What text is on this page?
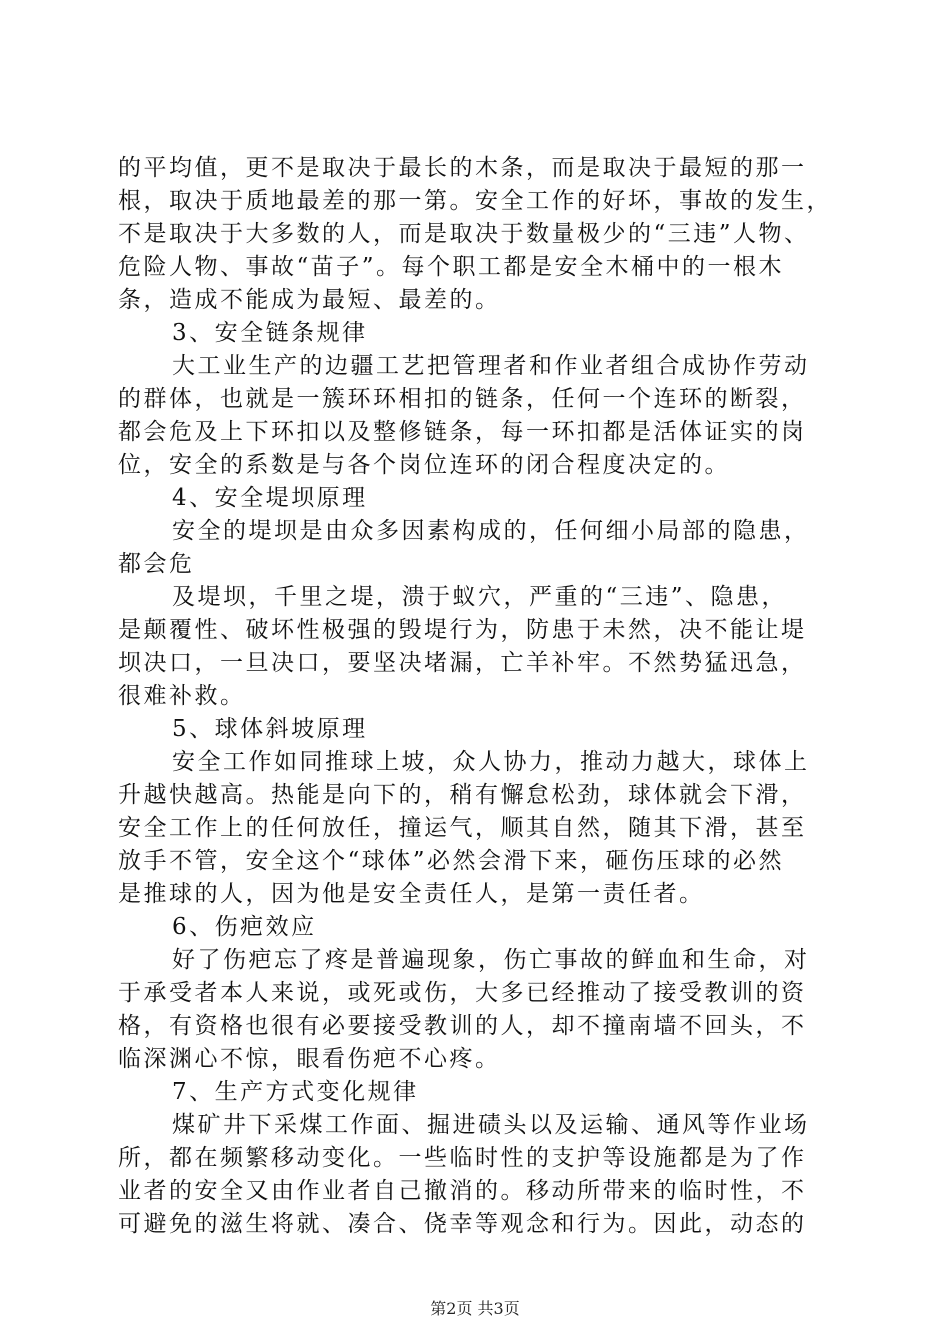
的平均值，更不是取决于最长的木条，而是取决于最短的那一
根，取决于质地最差的那一第。安全工作的好坏，事故的发生，
不是取决于大多数的人，而是取决于数量极少的“三违”人物、
危险人物、事故“苗子”。每个职工都是安全木桶中的一根木
条，造成不能成为最短、最差的。
3、安全链条规律
大工业生产的边疆工艺把管理者和作业者组合成协作劳动
的群体，也就是一簇环环相扣的链条，任何一个连环的断裂，
都会危及上下环扣以及整修链条，每一环扣都是活体证实的岗
位，安全的系数是与各个岗位连环的闭合程度决定的。
4、安全堤坝原理
安全的堤坝是由众多因素构成的，任何细小局部的隐患，
都会危
及堤坝，千里之堤，溃于蚁穴，严重的“三违”、隐患，
是颠覆性、破坏性极强的毁堤行为，防患于未然，决不能让堤
坝决口，一旦决口，要坚决堵漏，亡羊补牢。不然势猛迅急，
很难补救。
5、球体斜坡原理
安全工作如同推球上坡，众人协力，推动力越大，球体上
升越快越高。热能是向下的，稍有懈怠松劲，球体就会下滑，
安全工作上的任何放任，撞运气，顺其自然，随其下滑，甚至
放手不管，安全这个“球体”必然会滑下来，砸伤压球的必然
是推球的人，因为他是安全责任人，是第一责任者。
6、伤疤效应
好了伤疤忘了疼是普遍现象，伤亡事故的鲜血和生命，对
于承受者本人来说，或死或伤，大多已经推动了接受教训的资
格，有资格也很有必要接受教训的人，却不撞南墙不回头，不
临深渊心不惊，眼看伤疤不心疼。
7、生产方式变化规律
煤矿井下采煤工作面、掘进碛头以及运输、通风等作业场
所，都在频繁移动变化。一些临时性的支护等设施都是为了作
业者的安全又由作业者自己撤消的。移动所带来的临时性，不
可避免的滋生将就、凑合、侥幸等观念和行为。因此，动态的
第2页 共3页
